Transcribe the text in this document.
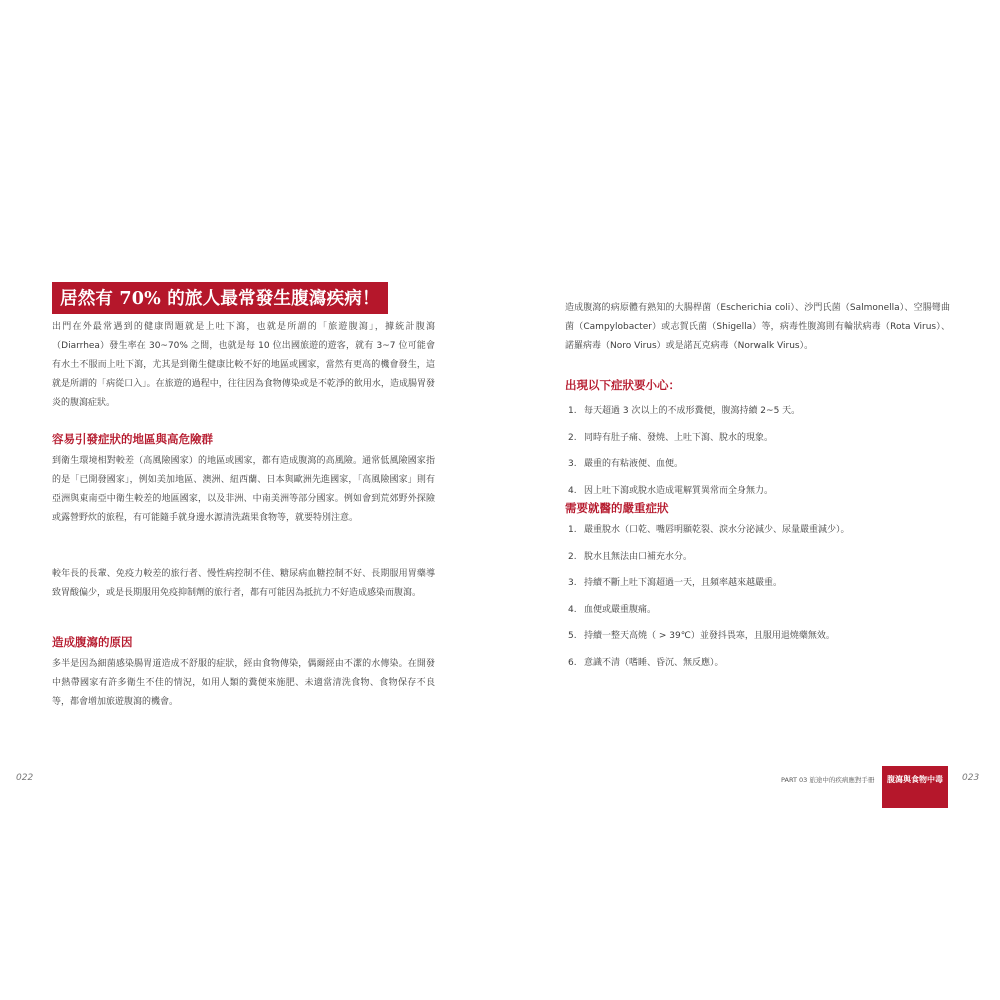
居然有 70% 的旅人最常發生腹瀉疾病！

出門在外最常遇到的健康問題就是上吐下瀉，也就是所謂的「旅遊腹瀉」，據統計腹瀉（Diarrhea）發生率在 30~70% 之間，也就是每 10 位出國旅遊的遊客，就有 3~7 位可能會有水土不服而上吐下瀉，尤其是到衛生健康比較不好的地區或國家，當然有更高的機會發生，這就是所謂的「病從口入」。在旅遊的過程中，往往因為食物傳染或是不乾淨的飲用水，造成腸胃發炎的腹瀉症狀。

容易引發症狀的地區與高危險群

到衛生環境相對較差（高風險國家）的地區或國家，都有造成腹瀉的高風險。通常低風險國家指的是「已開發國家」，例如美加地區、澳洲、紐西蘭、日本與歐洲先進國家，「高風險國家」則有亞洲與東南亞中衛生較差的地區國家，以及非洲、中南美洲等部分國家。例如會到荒郊野外探險或露營野炊的旅程，有可能隨手就身邊水源清洗蔬果食物等，就要特別注意。

較年長的長輩、免疫力較差的旅行者、慢性病控制不佳、糖尿病血糖控制不好、長期服用胃藥導致胃酸偏少，或是長期服用免疫抑制劑的旅行者，都有可能因為抵抗力不好造成感染而腹瀉。

造成腹瀉的原因

多半是因為細菌感染腸胃道造成不舒服的症狀，經由食物傳染，偶爾經由不潔的水傳染。在開發中熱帶國家有許多衛生不佳的情況，如用人類的糞便來施肥、未適當清洗食物、食物保存不良等，都會增加旅遊腹瀉的機會。

022

造成腹瀉的病原體有熟知的大腸桿菌（Escherichia coli）、沙門氏菌（Salmonella）、空腸彎曲菌（Campylobacter）或志賀氏菌（Shigella）等，病毒性腹瀉則有輪狀病毒（Rota Virus）、諾羅病毒（Noro Virus）或是諾瓦克病毒（Norwalk Virus）。

出現以下症狀要小心：
1. 每天超過 3 次以上的不成形糞便，腹瀉持續 2~5 天。
2. 同時有肚子痛、發燒、上吐下瀉、脫水的現象。
3. 嚴重的有粘液便、血便。
4. 因上吐下瀉或脫水造成電解質異常而全身無力。
需要就醫的嚴重症狀
1. 嚴重脫水（口乾、嘴唇明顯乾裂、淚水分泌減少、尿量嚴重減少）。
2. 脫水且無法由口補充水分。
3. 持續不斷上吐下瀉超過一天，且頻率越來越嚴重。
4. 血便或嚴重腹痛。
5. 持續一整天高燒（ > 39℃）並發抖畏寒，且服用退燒藥無效。
6. 意識不清（嗜睡、昏沉、無反應）。
PART 03 旅途中的疾病應對手冊	腹瀉與食物中毒	023
